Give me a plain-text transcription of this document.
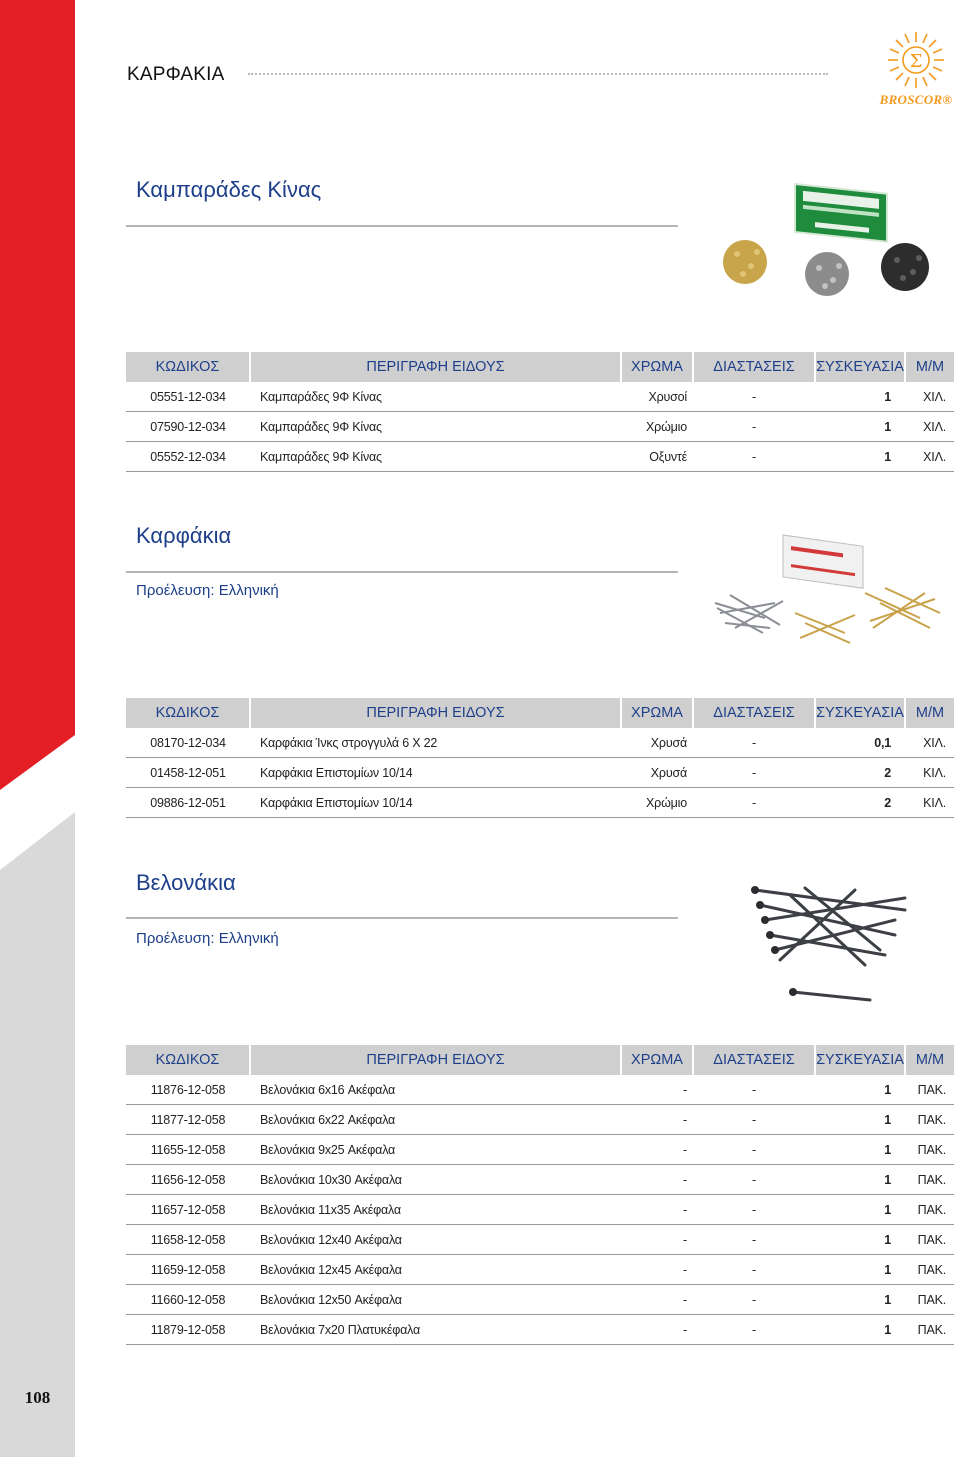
108
ΚΑΡΦΑΚΙΑ
Σ
BROSCOR®
Καμπαράδες Κίνας
ΚΩΔΙΚΟΣ	ΠΕΡΙΓΡΑΦΗ ΕΙΔΟΥΣ	ΧΡΩΜΑ	ΔΙΑΣΤΑΣΕΙΣ	ΣΥΣΚΕΥΑΣΙΑ	Μ/Μ
05551-12-034	Καμπαράδες 9Φ Κίνας	Χρυσοί	-	1	ΧΙΛ.
07590-12-034	Καμπαράδες 9Φ Κίνας	Χρώμιο	-	1	ΧΙΛ.
05552-12-034	Καμπαράδες 9Φ Κίνας	Οξυντέ	-	1	ΧΙΛ.
Καρφάκια
Προέλευση: Ελληνική
ΚΩΔΙΚΟΣ	ΠΕΡΙΓΡΑΦΗ ΕΙΔΟΥΣ	ΧΡΩΜΑ	ΔΙΑΣΤΑΣΕΙΣ	ΣΥΣΚΕΥΑΣΙΑ	Μ/Μ
08170-12-034	Καρφάκια Ίνκς στρογγυλά 6 Χ 22	Χρυσά	-	0,1	ΧΙΛ.
01458-12-051	Καρφάκια Επιστομίων 10/14	Χρυσά	-	2	ΚΙΛ.
09886-12-051	Καρφάκια Επιστομίων 10/14	Χρώμιο	-	2	ΚΙΛ.
Βελονάκια
Προέλευση: Ελληνική
ΚΩΔΙΚΟΣ	ΠΕΡΙΓΡΑΦΗ ΕΙΔΟΥΣ	ΧΡΩΜΑ	ΔΙΑΣΤΑΣΕΙΣ	ΣΥΣΚΕΥΑΣΙΑ	Μ/Μ
11876-12-058	Βελονάκια 6x16 Ακέφαλα	-	-	1	ΠΑΚ.
11877-12-058	Βελονάκια 6x22 Ακέφαλα	-	-	1	ΠΑΚ.
11655-12-058	Βελονάκια 9x25 Ακέφαλα	-	-	1	ΠΑΚ.
11656-12-058	Βελονάκια 10x30 Ακέφαλα	-	-	1	ΠΑΚ.
11657-12-058	Βελονάκια 11x35 Ακέφαλα	-	-	1	ΠΑΚ.
11658-12-058	Βελονάκια 12x40 Ακέφαλα	-	-	1	ΠΑΚ.
11659-12-058	Βελονάκια 12x45 Ακέφαλα	-	-	1	ΠΑΚ.
11660-12-058	Βελονάκια 12x50 Ακέφαλα	-	-	1	ΠΑΚ.
11879-12-058	Βελονάκια 7x20 Πλατυκέφαλα	-	-	1	ΠΑΚ.
